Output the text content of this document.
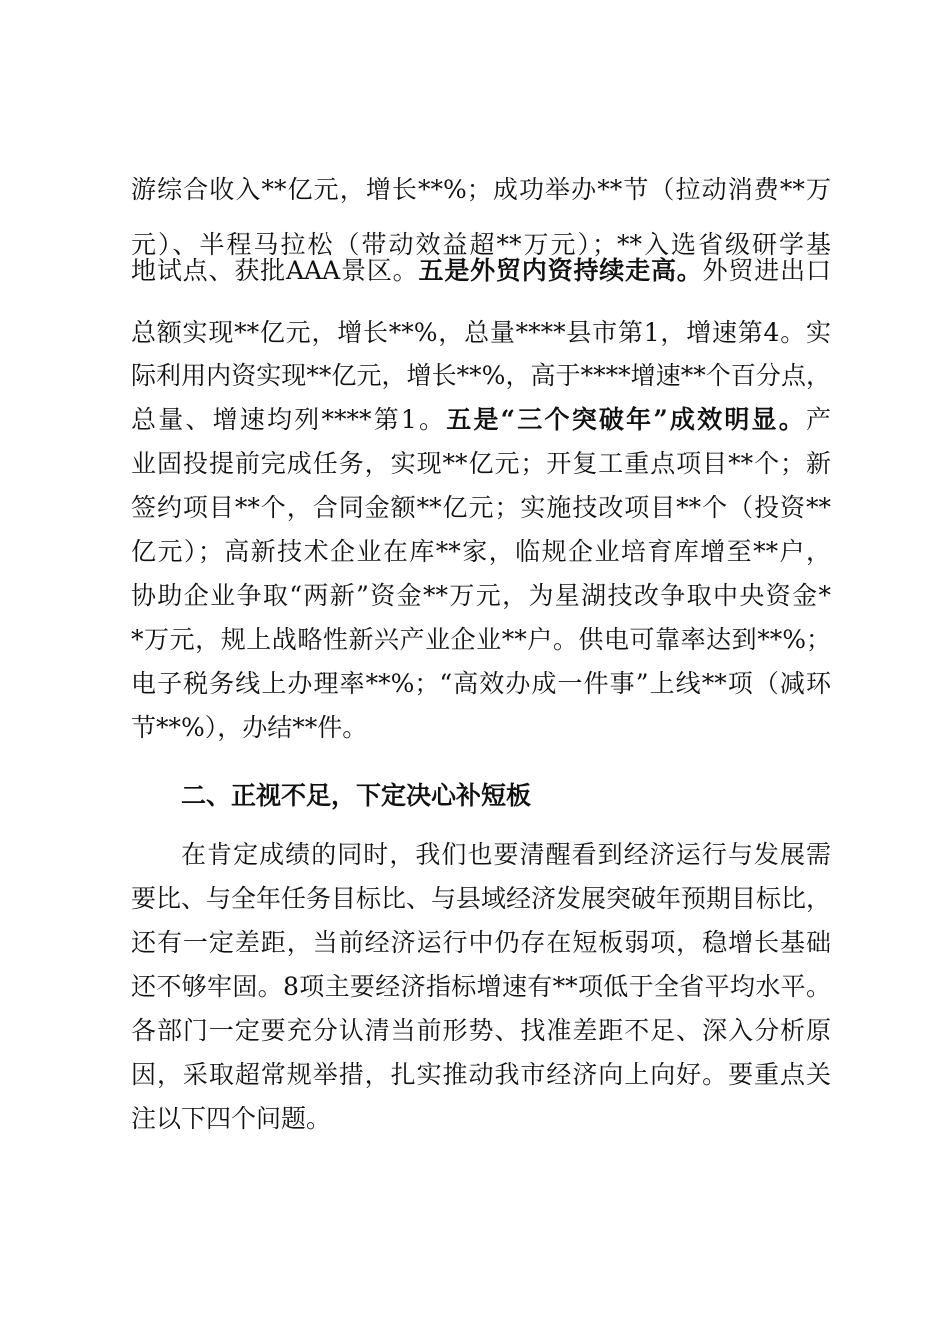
游综合收入**亿元，增长**%；成功举办**节（拉动消费**万
元）、半程马拉松（带动效益超**万元）；**入选省级研学基
地试点、获批AAA景区。五是外贸内资持续走高。外贸进出口
总额实现**亿元，增长**%，总量****县市第1，增速第4。实
际利用内资实现**亿元，增长**%，高于****增速**个百分点，
总量、增速均列****第1。五是“三个突破年”成效明显。产
业固投提前完成任务，实现**亿元；开复工重点项目**个；新
签约项目**个，合同金额**亿元；实施技改项目**个（投资**
亿元）；高新技术企业在库**家，临规企业培育库增至**户，
协助企业争取“两新”资金**万元，为星湖技改争取中央资金*
*万元，规上战略性新兴产业企业**户。供电可靠率达到**%；
电子税务线上办理率**%；“高效办成一件事”上线**项（减环
节**%），办结**件。
二、正视不足，下定决心补短板
在肯定成绩的同时，我们也要清醒看到经济运行与发展需
要比、与全年任务目标比、与县域经济发展突破年预期目标比，
还有一定差距，当前经济运行中仍存在短板弱项，稳增长基础
还不够牢固。8项主要经济指标增速有**项低于全省平均水平。
各部门一定要充分认清当前形势、找准差距不足、深入分析原
因，采取超常规举措，扎实推动我市经济向上向好。要重点关
注以下四个问题。
